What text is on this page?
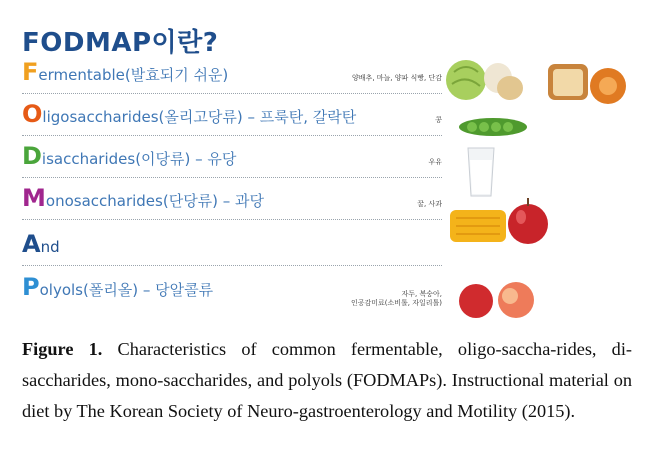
FODMAP이란?
Fermentable(발효되기 쉬운)	양배추, 마늘, 양파 식빵, 단감
Oligosaccharides(올리고당류) – 프룩탄, 갈락탄	콩
Disaccharides(이당류) – 유당	우유
Monosaccharides(단당류) – 과당	꿀, 사과
And
Polyols(폴리올) – 당알콜류	자두, 복숭아,
인공감미료(소비톨, 자일리톨)
Figure 1. Characteristics of common fermentable, oligo-saccha-rides, di-saccharides, mono-saccharides, and polyols (FODMAPs). Instructional material on diet by The Korean Society of Neuro-gastroenterology and Motility (2015).
